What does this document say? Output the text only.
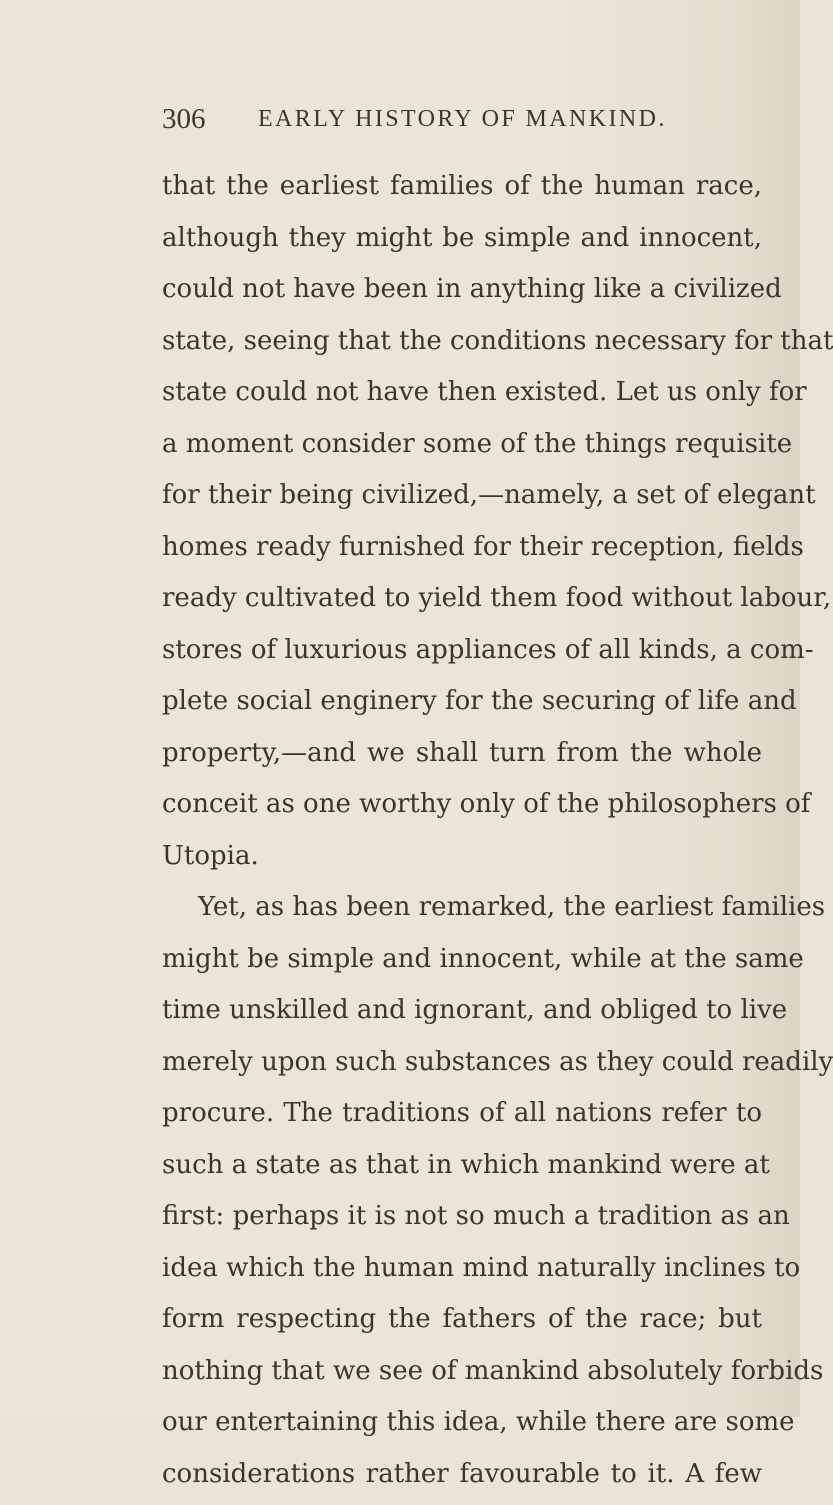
306 EARLY HISTORY OF MANKIND.
that the earliest families of the human race,
although they might be simple and innocent,
could not have been in anything like a civilized
state, seeing that the conditions necessary for that
state could not have then existed. Let us only for
a moment consider some of the things requisite
for their being civilized,—namely, a set of elegant
homes ready furnished for their reception, fields
ready cultivated to yield them food without labour,
stores of luxurious appliances of all kinds, a com-
plete social enginery for the securing of life and
property,—and we shall turn from the whole
conceit as one worthy only of the philosophers of
Utopia.
Yet, as has been remarked, the earliest families
might be simple and innocent, while at the same
time unskilled and ignorant, and obliged to live
merely upon such substances as they could readily
procure. The traditions of all nations refer to
such a state as that in which mankind were at
first: perhaps it is not so much a tradition as an
idea which the human mind naturally inclines to
form respecting the fathers of the race; but
nothing that we see of mankind absolutely forbids
our entertaining this idea, while there are some
considerations rather favourable to it. A few
